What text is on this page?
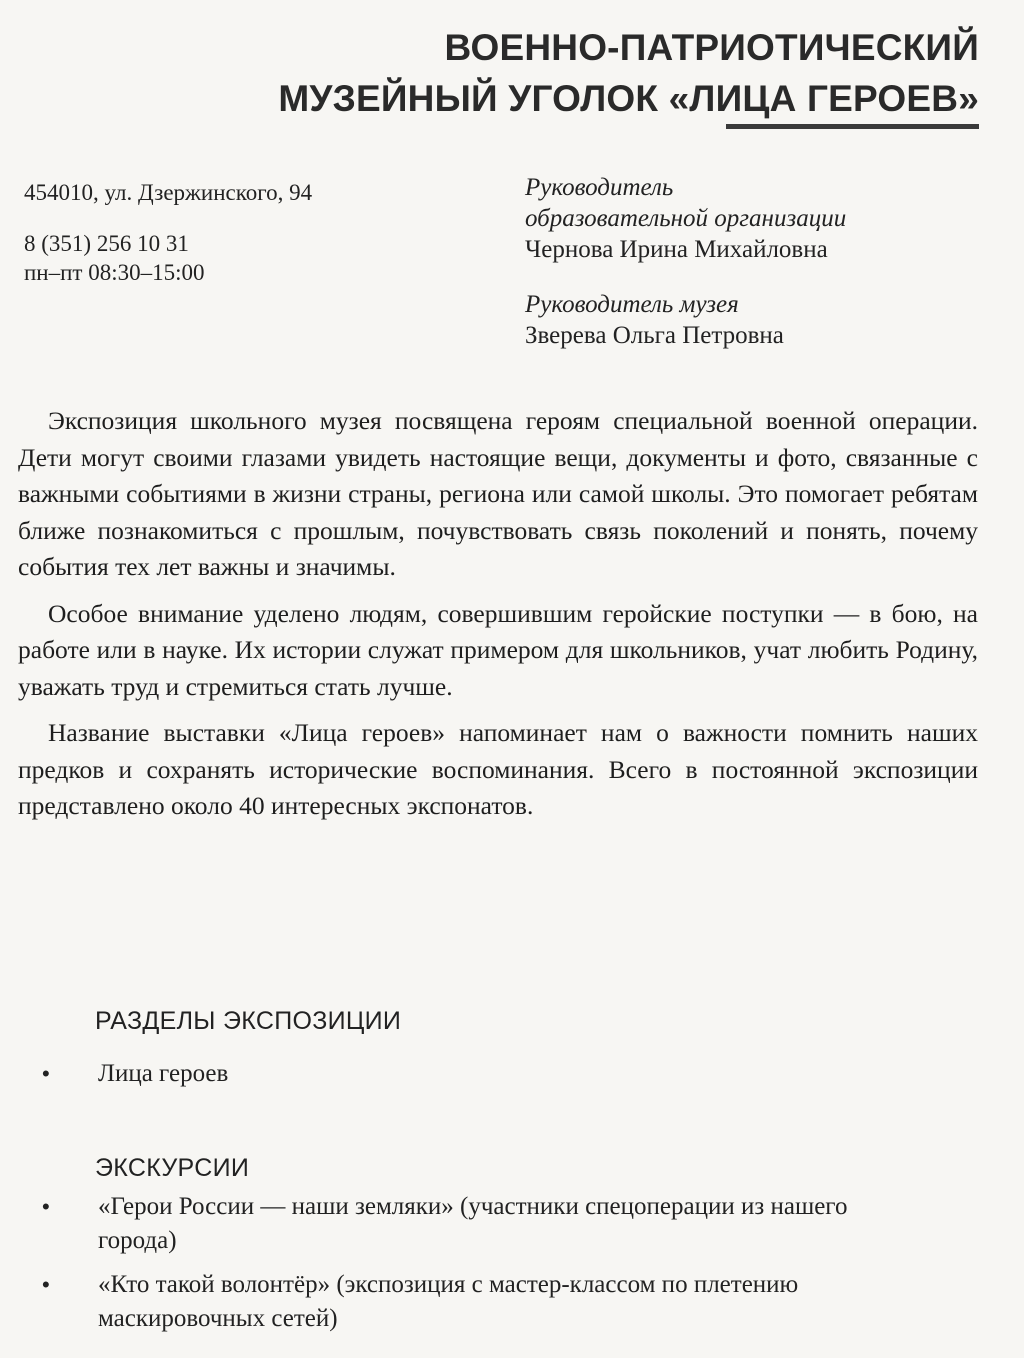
ВОЕННО-ПАТРИОТИЧЕСКИЙ
МУЗЕЙНЫЙ УГОЛОК «ЛИЦА ГЕРОЕВ»
454010, ул. Дзержинского, 94
8 (351) 256 10 31
пн–пт 08:30–15:00
Руководитель
образовательной организации
Чернова Ирина Михайловна
Руководитель музея
Зверева Ольга Петровна

Экспозиция школьного музея посвящена героям специальной военной операции. Дети могут своими глазами увидеть настоящие вещи, документы и фото, связанные с важными событиями в жизни страны, региона или самой школы. Это помогает ребятам ближе познакомиться с прошлым, почувствовать связь поколений и понять, почему события тех лет важны и значимы.

Особое внимание уделено людям, совершившим геройские поступки — в бою, на работе или в науке. Их истории служат примером для школьников, учат любить Родину, уважать труд и стремиться стать лучше.

Название выставки «Лица героев» напоминает нам о важности помнить наших предков и сохранять исторические воспоминания. Всего в постоянной экспозиции представлено около 40 интересных экспонатов.

РАЗДЕЛЫ ЭКСПОЗИЦИИ
• Лица героев
ЭКСКУРСИИ
• «Герои России — наши земляки» (участники спецоперации из нашего города)
• «Кто такой волонтёр» (экспозиция с мастер-классом по плетению маскировочных сетей)
